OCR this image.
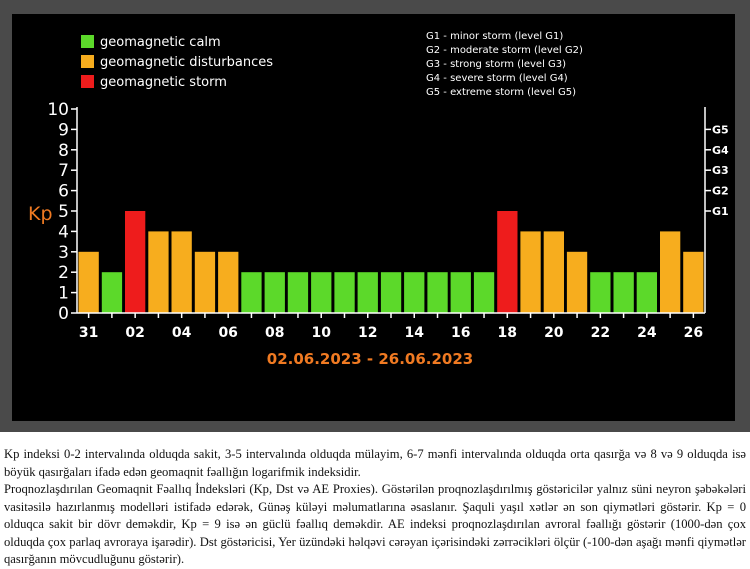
0
1
2
3
4
5
6
7
8
9
10
Kp	G1
G2
G3
G4
G5
31 02 04 06 08 10 12 14 16 18 20 22 24 26
02.06.2023 - 26.06.2023
geomagnetic calm
geomagnetic disturbances
geomagnetic storm
G1 - minor storm (level G1)
G2 - moderate storm (level G2)
G3 - strong storm (level G3)
G4 - severe storm (level G4)
G5 - extreme storm (level G5)

Kp indeksi 0-2 intervalında olduqda sakit, 3-5 intervalında olduqda mülayim, 6-7 mənfi intervalında olduqda orta qasırğa və 8 və 9 olduqda isə böyük qasırğaları ifadə edən geomaqnit fəallığın logarifmik indeksidir.

Proqnozlaşdırılan Geomaqnit Fəallıq İndeksləri (Kp, Dst və AE Proxies). Göstərilən proqnozlaşdırılmış göstəricilər yalnız süni neyron şəbəkələri vasitəsilə hazırlanmış modelləri istifadə edərək, Günəş küləyi məlumatlarına əsaslanır. Şaquli yaşıl xətlər ən son qiymətləri göstərir. Kp = 0 olduqca sakit bir dövr deməkdir, Kp = 9 isə ən güclü fəallıq deməkdir. AE indeksi proqnozlaşdırılan avroral fəallığı göstərir (1000-dən çox olduqda çox parlaq avroraya işarədir). Dst göstəricisi, Yer üzündəki həlqəvi cərəyan içərisindəki zərrəcikləri ölçür (-100-dən aşağı mənfi qiymətlər qasırğanın mövcudluğunu göstərir).
